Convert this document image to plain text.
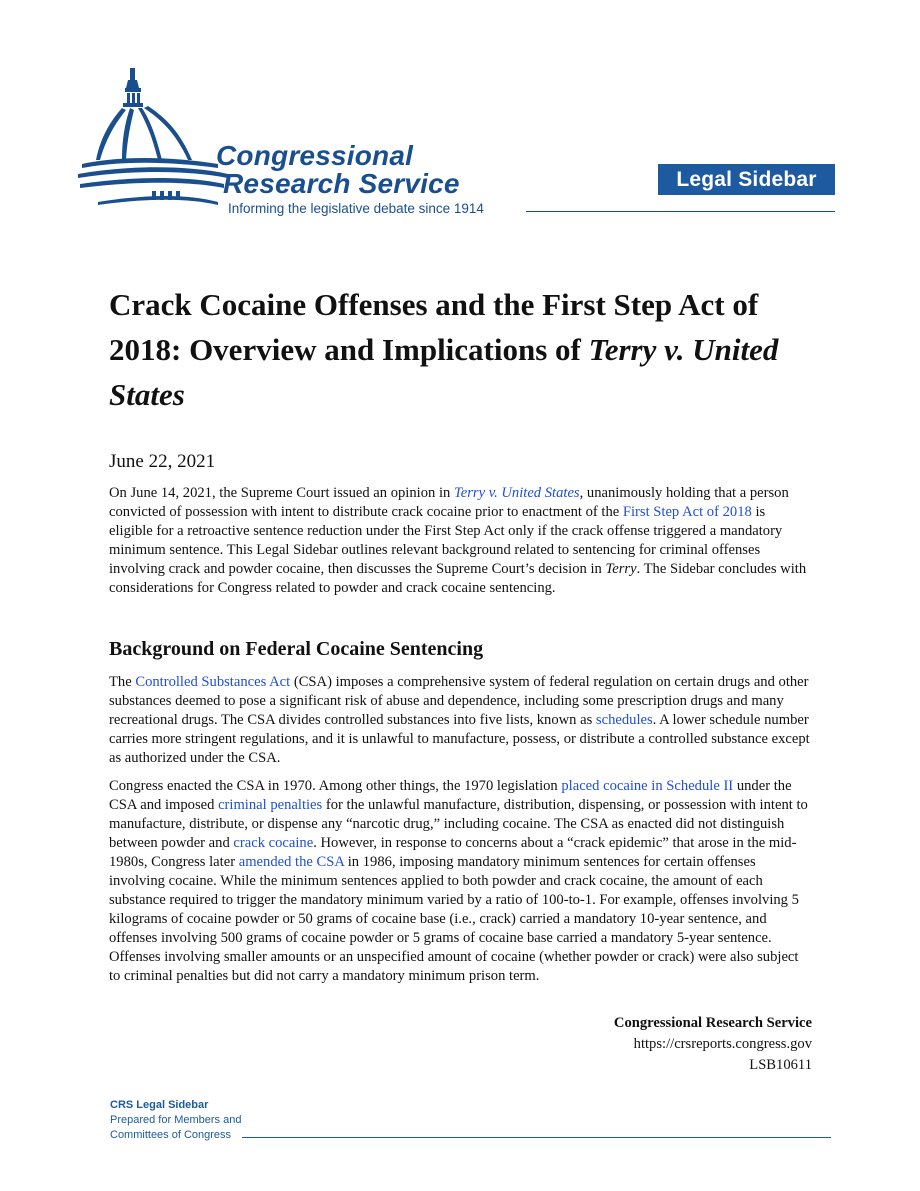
Congressional
Research Service
Informing the legislative debate since 1914
Legal Sidebar
Crack Cocaine Offenses and the First Step Act of 2018: Overview and Implications of Terry v. United States
June 22, 2021

On June 14, 2021, the Supreme Court issued an opinion in Terry v. United States, unanimously holding that a person convicted of possession with intent to distribute crack cocaine prior to enactment of the First Step Act of 2018 is eligible for a retroactive sentence reduction under the First Step Act only if the crack offense triggered a mandatory minimum sentence. This Legal Sidebar outlines relevant background related to sentencing for criminal offenses involving crack and powder cocaine, then discusses the Supreme Court’s decision in Terry. The Sidebar concludes with considerations for Congress related to powder and crack cocaine sentencing.

Background on Federal Cocaine Sentencing

The Controlled Substances Act (CSA) imposes a comprehensive system of federal regulation on certain drugs and other substances deemed to pose a significant risk of abuse and dependence, including some prescription drugs and many recreational drugs. The CSA divides controlled substances into five lists, known as schedules. A lower schedule number carries more stringent regulations, and it is unlawful to manufacture, possess, or distribute a controlled substance except as authorized under the CSA.

Congress enacted the CSA in 1970. Among other things, the 1970 legislation placed cocaine in Schedule II under the CSA and imposed criminal penalties for the unlawful manufacture, distribution, dispensing, or possession with intent to manufacture, distribute, or dispense any “narcotic drug,” including cocaine. The CSA as enacted did not distinguish between powder and crack cocaine. However, in response to concerns about a “crack epidemic” that arose in the mid-1980s, Congress later amended the CSA in 1986, imposing mandatory minimum sentences for certain offenses involving cocaine. While the minimum sentences applied to both powder and crack cocaine, the amount of each substance required to trigger the mandatory minimum varied by a ratio of 100-to-1. For example, offenses involving 5 kilograms of cocaine powder or 50 grams of cocaine base (i.e., crack) carried a mandatory 10-year sentence, and offenses involving 500 grams of cocaine powder or 5 grams of cocaine base carried a mandatory 5-year sentence. Offenses involving smaller amounts or an unspecified amount of cocaine (whether powder or crack) were also subject to criminal penalties but did not carry a mandatory minimum prison term.

Congressional Research Service
https://crsreports.congress.gov
LSB10611
CRS Legal Sidebar
Prepared for Members and
Committees of Congress
